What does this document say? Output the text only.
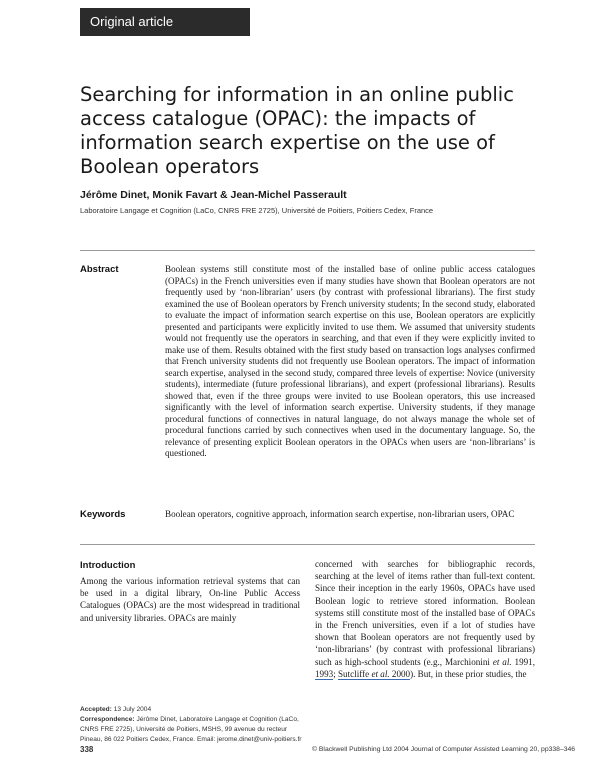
Original article
Searching for information in an online public access catalogue (OPAC): the impacts of information search expertise on the use of Boolean operators
Jérôme Dinet, Monik Favart & Jean-Michel Passerault
Laboratoire Langage et Cognition (LaCo, CNRS FRE 2725), Université de Poitiers, Poitiers Cedex, France
Abstract	Boolean systems still constitute most of the installed base of online public access catalogues (OPACs) in the French universities even if many studies have shown that Boolean operators are not frequently used by ‘non-librarian’ users (by contrast with professional librarians). The first study examined the use of Boolean operators by French university students; In the second study, elaborated to evaluate the impact of information search expertise on this use, Boolean operators are explicitly presented and participants were explicitly invited to use them. We assumed that university students would not frequently use the operators in searching, and that even if they were explicitly invited to make use of them. Results obtained with the first study based on transaction logs analyses confirmed that French university students did not frequently use Boolean operators. The impact of information search expertise, analysed in the second study, compared three levels of expertise: Novice (university students), intermediate (future professional librarians), and expert (professional librarians). Results showed that, even if the three groups were invited to use Boolean operators, this use increased significantly with the level of information search expertise. University students, if they manage procedural functions of connectives in natural language, do not always manage the whole set of procedural functions carried by such connectives when used in the documentary language. So, the relevance of presenting explicit Boolean operators in the OPACs when users are ‘non-librarians’ is questioned.

Keywords	Boolean operators, cognitive approach, information search expertise, non-librarian users, OPAC

Introduction

Among the various information retrieval systems that can be used in a digital library, On-line Public Access Catalogues (OPACs) are the most widespread in traditional and university libraries. OPACs are mainly

concerned with searches for bibliographic records, searching at the level of items rather than full-text content. Since their inception in the early 1960s, OPACs have used Boolean logic to retrieve stored information. Boolean systems still constitute most of the installed base of OPACs in the French universities, even if a lot of studies have shown that Boolean operators are not frequently used by ‘non-librarians’ (by contrast with professional librarians) such as high-school students (e.g., Marchionini et al. 1991, 1993; Sutcliffe et al. 2000). But, in these prior studies, the

Accepted: 13 July 2004
Correspondence: Jérôme Dinet, Laboratoire Langage et Cognition (LaCo, CNRS FRE 2725), Université de Poitiers, MSHS, 99 avenue du recteur Pineau, 86 022 Poitiers Cedex, France. Email: jerome.dinet@univ-poitiers.fr
338	© Blackwell Publishing Ltd 2004 Journal of Computer Assisted Learning 20, pp338–346
